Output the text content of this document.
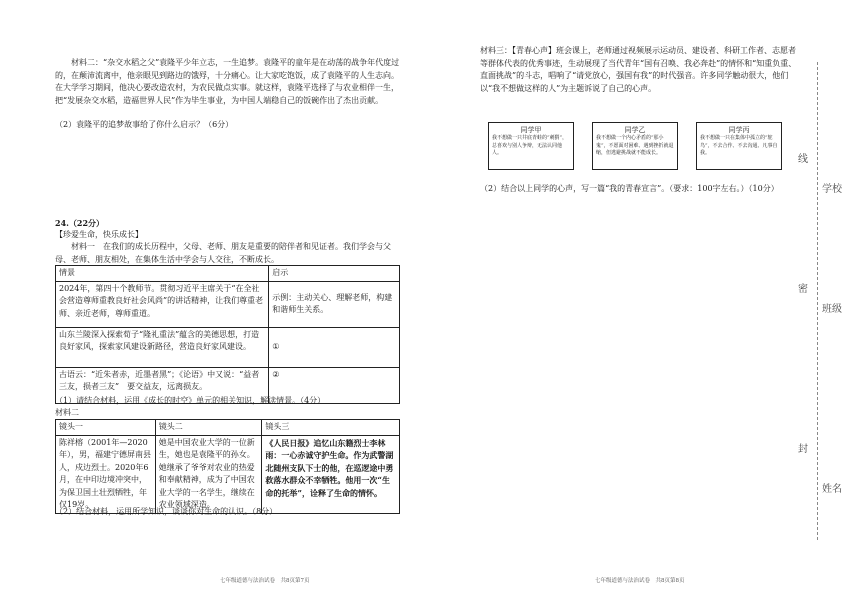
材料二：“杂交水稻之父”袁隆平少年立志，一生追梦。袁隆平的童年是在动荡的战争年代度过的，在颠沛流离中，他亲眼见到路边的饿殍，十分痛心。让大家吃饱饭，成了袁隆平的人生志向。在大学学习期间，他决心要改造农村，为农民做点实事。就这样，袁隆平选择了与农业相伴一生，把“发展杂交水稻，造福世界人民”作为毕生事业，为中国人端稳自己的饭碗作出了杰出贡献。
（2）袁隆平的追梦故事给了你什么启示？（6分）
24.（22分）
【珍爱生命，快乐成长】
材料一　在我们的成长历程中，父母、老师、朋友是重要的陪伴者和见证者。我们学会与父母、老师、朋友相处，在集体生活中学会与人交往，不断成长。
情景	启示
2024年，第四十个教师节。贯彻习近平主席关于“在全社会营造尊师重教良好社会风尚”的讲话精神，让我们尊重老师、亲近老师，尊师重道。	示例：主动关心、理解老师，构建和谐师生关系。
山东兰陵深入探索荀子“隆礼重法”蕴含的美德思想，打造良好家风，探索家风建设新路径，营造良好家风建设。	①
古语云：“近朱者赤，近墨者黑”；《论语》中又说：“益者三友，损者三友”　要交益友，远离损友。	②
（1）请结合材料，运用《成长的时空》单元的相关知识，解读情景。（4分）
材料二
镜头一	镜头二	镜头三
陈祥榕（2001年—2020年），男，福建宁德屏南县人，戍边烈士。2020年6月，在中印边境冲突中，为保卫国土壮烈牺牲，年仅19岁。	她是中国农业大学的一位新生，她也是袁隆平的孙女。她继承了爷爷对农业的热爱和奉献精神，成为了中国农业大学的一名学生，继续在农业领域深造。	《人民日报》追忆山东籍烈士李林雨：一心赤诚守护生命。作为武警湖北随州支队下士的他，在巡逻途中勇救落水群众不幸牺牲。他用一次“生命的托举”，诠释了生命的情怀。
（2）结合材料，运用所学知识，谈谈你对生命的认识。（8分）
七年级道德与法治试卷　共8页第7页
材料三：【青春心声】班会课上，老师通过视频展示运动员、建设者、科研工作者、志愿者等群体代表的优秀事迹，生动展现了当代青年“国有召唤、我必奔赴”的情怀和“知重负重、直面挑战”的斗志，唱响了“请党放心，强国有我”的时代强音。许多同学触动很大，他们以“我不想做这样的人”为主题诉说了自己的心声。
同学甲
我不想做一只井底青蛙的“刺猬”，总喜欢与别人争辩，无法认同他人。
同学乙
我不想做一个内心矛盾的“那小鬼”，不愿面对困难、遇到挫折就退缩，但逃避挑战就不能成长。
同学丙
我不想做一只在集体中孤立的“鸵鸟”，不去合作、不去沟通、凡事自我。
（2）结合以上同学的心声，写一篇“我的青春宣言”。（要求：100字左右。）（10分）
七年级道德与法治试卷　共8页第8页
线
学校
密
班级
封
姓名
